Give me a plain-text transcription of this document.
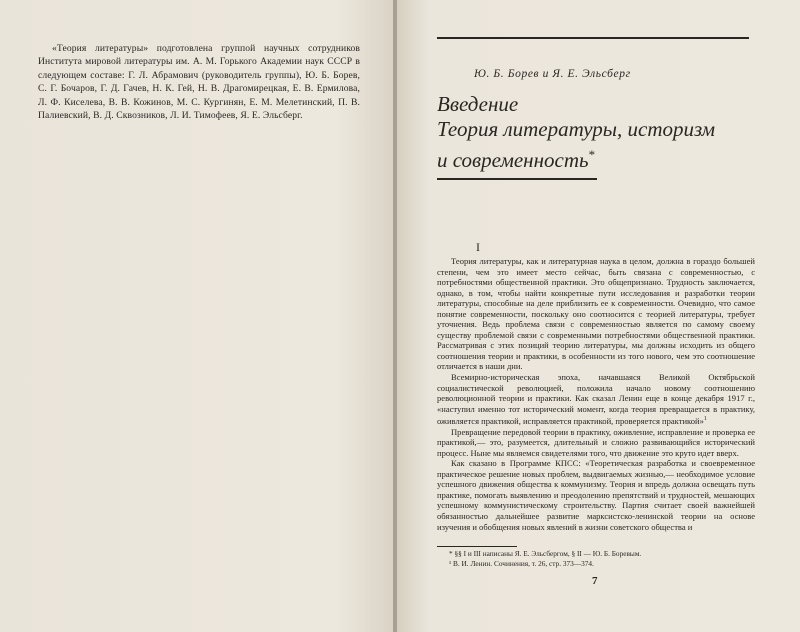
«Теория литературы» подготовлена группой научных сотрудников Института мировой литературы им. А. М. Горького Академии наук СССР в следующем составе: Г. Л. Абрамович (руководитель группы), Ю. Б. Борев, С. Г. Бочаров, Г. Д. Гачев, Н. К. Гей, Н. В. Драгомирецкая, Е. В. Ермилова, Л. Ф. Киселева, В. В. Кожинов, М. С. Кургинян, Е. М. Мелетинский, П. В. Палиевский, В. Д. Сквозников, Л. И. Тимофеев, Я. Е. Эльсберг.
Ю. Б. Борев и Я. Е. Эльсберг
Введение
Теория литературы, историзм
и современность*
I

Теория литературы, как и литературная наука в целом, должна в гораздо большей степени, чем это имеет место сейчас, быть связана с современностью, с потребностями общественной практики. Это общепризнано. Трудность заключается, однако, в том, чтобы найти конкретные пути исследования и разработки теории литературы, способные на деле приблизить ее к современности. Очевидно, что самое понятие современности, поскольку оно соотносится с теорией литературы, требует уточнения. Ведь проблема связи с современностью является по самому своему существу проблемой связи с современными потребностями общественной практики. Рассматривая с этих позиций теорию литературы, мы должны исходить из общего соотношения теории и практики, в особенности из того нового, чем это соотношение отличается в наши дни.

Всемирно-историческая эпоха, начавшаяся Великой Октябрьской социалистической революцией, положила начало новому соотношению революционной теории и практики. Как сказал Ленин еще в конце декабря 1917 г., «наступил именно тот исторический момент, когда теория превращается в практику, оживляется практикой, исправляется практикой, проверяется практикой»$^1$

Превращение передовой теории в практику, оживление, исправление и проверка ее практикой,— это, разумеется, длительный и сложно развивающийся исторический процесс. Ныне мы являемся свидетелями того, что движение это круто идет вверх.

Как сказано в Программе КПСС: «Теоретическая разработка и своевременное практическое решение новых проблем, выдвигаемых жизнью,— необходимое условие успешного движения общества к коммунизму. Теория и впредь должна освещать путь практике, помогать выявлению и преодолению препятствий и трудностей, мешающих успешному коммунистическому строительству. Партия считает своей важнейшей обязанностью дальнейшее развитие марксистско-ленинской теории на основе изучения и обобщения новых явлений в жизни советского общества и

* §§ I и III написаны Я. Е. Эльсбергом, § II — Ю. Б. Боревым.
¹ В. И. Ленин. Сочинения, т. 26, стр. 373—374.
7
